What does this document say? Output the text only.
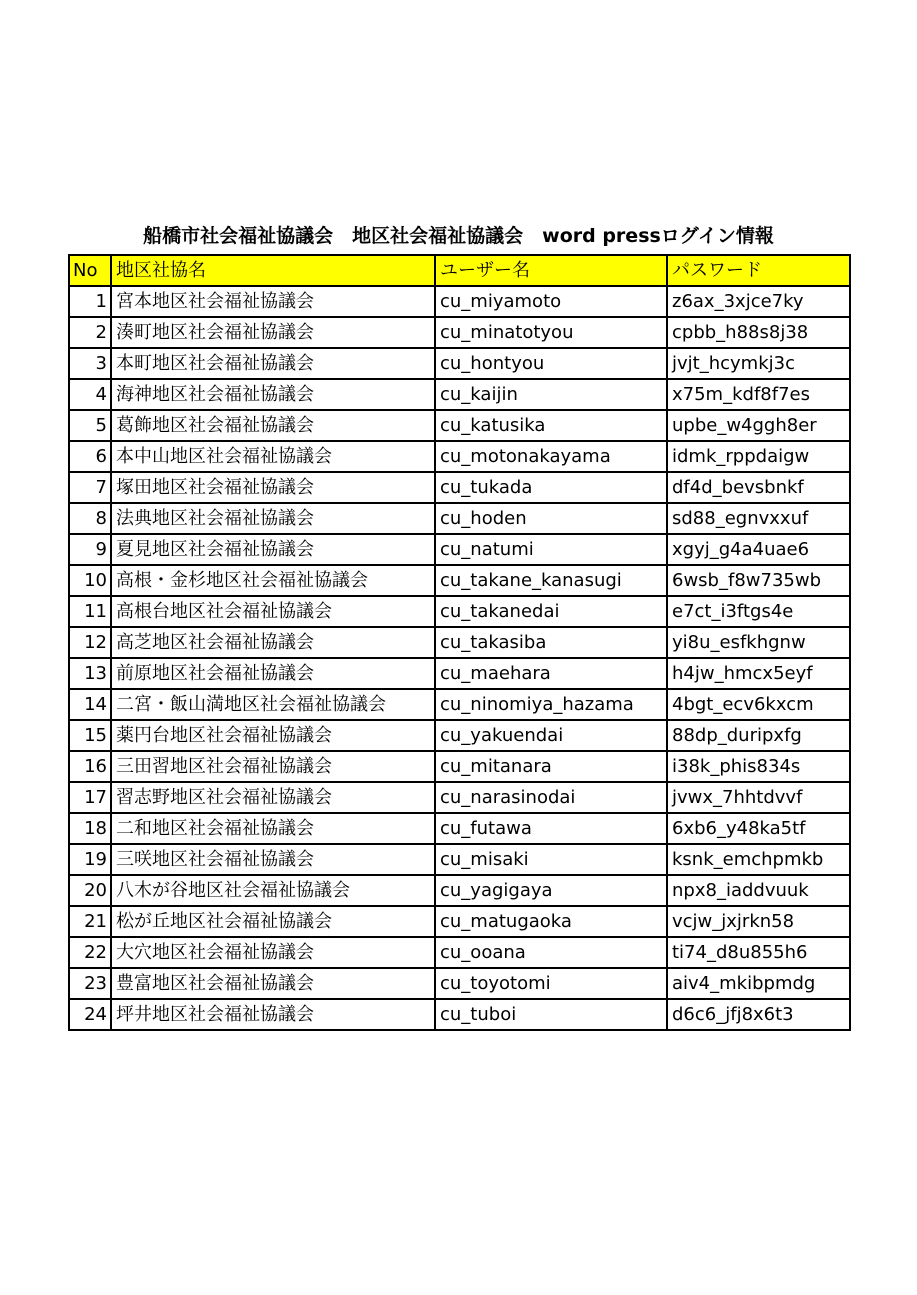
船橋市社会福祉協議会　地区社会福祉協議会　word pressログイン情報
No	地区社協名	ユーザー名	パスワード
1	宮本地区社会福祉協議会	cu_miyamoto	z6ax_3xjce7ky
2	湊町地区社会福祉協議会	cu_minatotyou	cpbb_h88s8j38
3	本町地区社会福祉協議会	cu_hontyou	jvjt_hcymkj3c
4	海神地区社会福祉協議会	cu_kaijin	x75m_kdf8f7es
5	葛飾地区社会福祉協議会	cu_katusika	upbe_w4ggh8er
6	本中山地区社会福祉協議会	cu_motonakayama	idmk_rppdaigw
7	塚田地区社会福祉協議会	cu_tukada	df4d_bevsbnkf
8	法典地区社会福祉協議会	cu_hoden	sd88_egnvxxuf
9	夏見地区社会福祉協議会	cu_natumi	xgyj_g4a4uae6
10	高根・金杉地区社会福祉協議会	cu_takane_kanasugi	6wsb_f8w735wb
11	高根台地区社会福祉協議会	cu_takanedai	e7ct_i3ftgs4e
12	高芝地区社会福祉協議会	cu_takasiba	yi8u_esfkhgnw
13	前原地区社会福祉協議会	cu_maehara	h4jw_hmcx5eyf
14	二宮・飯山満地区社会福祉協議会	cu_ninomiya_hazama	4bgt_ecv6kxcm
15	薬円台地区社会福祉協議会	cu_yakuendai	88dp_duripxfg
16	三田習地区社会福祉協議会	cu_mitanara	i38k_phis834s
17	習志野地区社会福祉協議会	cu_narasinodai	jvwx_7hhtdvvf
18	二和地区社会福祉協議会	cu_futawa	6xb6_y48ka5tf
19	三咲地区社会福祉協議会	cu_misaki	ksnk_emchpmkb
20	八木が谷地区社会福祉協議会	cu_yagigaya	npx8_iaddvuuk
21	松が丘地区社会福祉協議会	cu_matugaoka	vcjw_jxjrkn58
22	大穴地区社会福祉協議会	cu_ooana	ti74_d8u855h6
23	豊富地区社会福祉協議会	cu_toyotomi	aiv4_mkibpmdg
24	坪井地区社会福祉協議会	cu_tuboi	d6c6_jfj8x6t3
